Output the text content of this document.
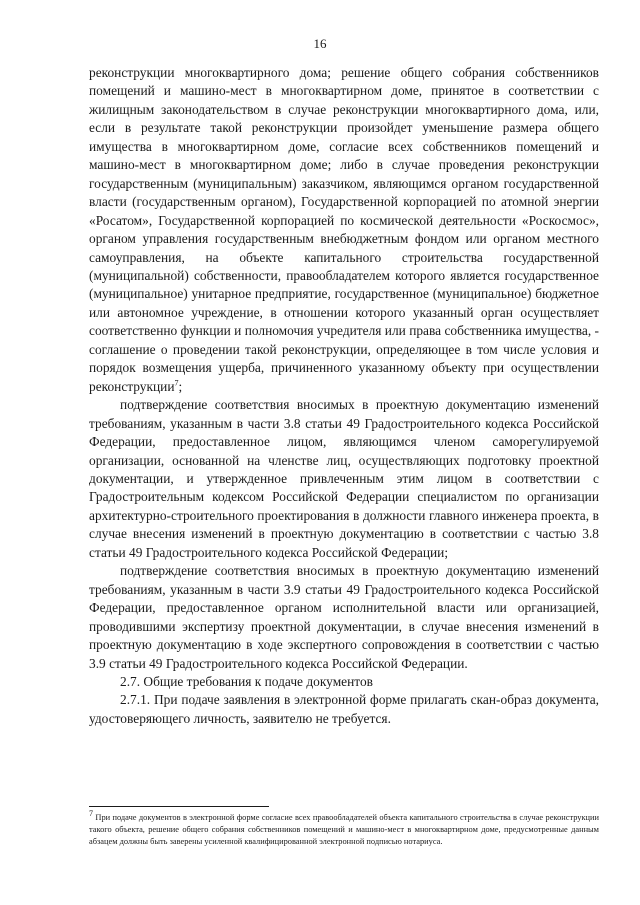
16

реконструкции многоквартирного дома; решение общего собрания собственников помещений и машино-мест в многоквартирном доме, принятое в соответствии с жилищным законодательством в случае реконструкции многоквартирного дома, или, если в результате такой реконструкции произойдет уменьшение размера общего имущества в многоквартирном доме, согласие всех собственников помещений и машино-мест в многоквартирном доме; либо в случае проведения реконструкции государственным (муниципальным) заказчиком, являющимся органом государственной власти (государственным органом), Государственной корпорацией по атомной энергии «Росатом», Государственной корпорацией по космической деятельности «Роскосмос», органом управления государственным внебюджетным фондом или органом местного самоуправления, на объекте капитального строительства государственной (муниципальной) собственности, правообладателем которого является государственное (муниципальное) унитарное предприятие, государственное (муниципальное) бюджетное или автономное учреждение, в отношении которого указанный орган осуществляет соответственно функции и полномочия учредителя или права собственника имущества, - соглашение о проведении такой реконструкции, определяющее в том числе условия и порядок возмещения ущерба, причиненного указанному объекту при осуществлении реконструкции$^7$;

подтверждение соответствия вносимых в проектную документацию изменений требованиям, указанным в части 3.8 статьи 49 Градостроительного кодекса Российской Федерации, предоставленное лицом, являющимся членом саморегулируемой организации, основанной на членстве лиц, осуществляющих подготовку проектной документации, и утвержденное привлеченным этим лицом в соответствии с Градостроительным кодексом Российской Федерации специалистом по организации архитектурно-строительного проектирования в должности главного инженера проекта, в случае внесения изменений в проектную документацию в соответствии с частью 3.8 статьи 49 Градостроительного кодекса Российской Федерации;

подтверждение соответствия вносимых в проектную документацию изменений требованиям, указанным в части 3.9 статьи 49 Градостроительного кодекса Российской Федерации, предоставленное органом исполнительной власти или организацией, проводившими экспертизу проектной документации, в случае внесения изменений в проектную документацию в ходе экспертного сопровождения в соответствии с частью 3.9 статьи 49 Градостроительного кодекса Российской Федерации.

2.7. Общие требования к подаче документов

2.7.1. При подаче заявления в электронной форме прилагать скан-образ документа, удостоверяющего личность, заявителю не требуется.

$^7$ При подаче документов в электронной форме согласие всех правообладателей объекта капитального строительства в случае реконструкции такого объекта, решение общего собрания собственников помещений и машино-мест в многоквартирном доме, предусмотренные данным абзацем должны быть заверены усиленной квалифицированной электронной подписью нотариуса.
